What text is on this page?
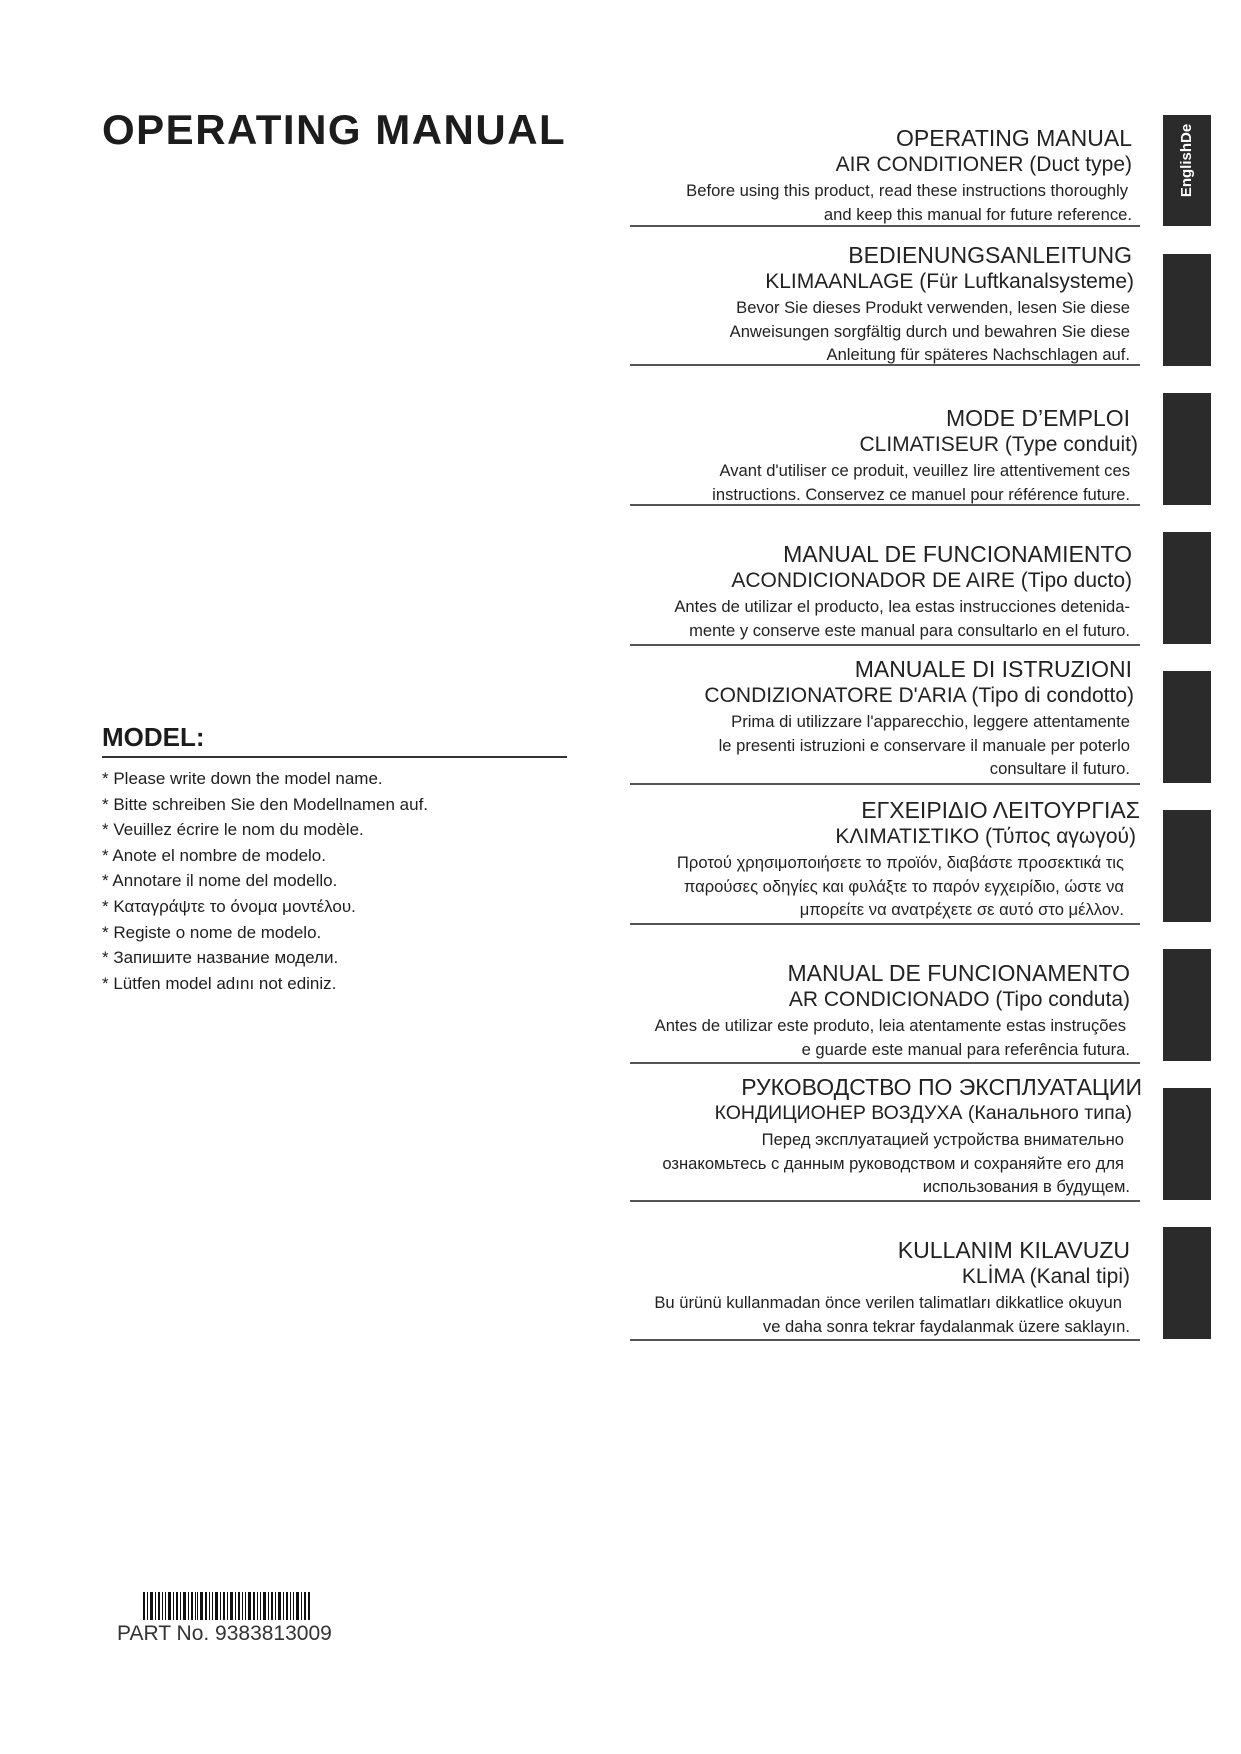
OPERATING MANUAL
MODEL:
* Please write down the model name.
* Bitte schreiben Sie den Modellnamen auf.
* Veuillez écrire le nom du modèle.
* Anote el nombre de modelo.
* Annotare il nome del modello.
* Καταγράψτε το όνομα μοντέλου.
* Registe o nome de modelo.
* Запишите название модели.
* Lütfen model adını not ediniz.
OPERATING MANUAL
AIR CONDITIONER (Duct type)
Before using this product, read these instructions thoroughly
and keep this manual for future reference.
BEDIENUNGSANLEITUNG
KLIMAANLAGE (Für Luftkanalsysteme)
Bevor Sie dieses Produkt verwenden, lesen Sie diese
Anweisungen sorgfältig durch und bewahren Sie diese
Anleitung für späteres Nachschlagen auf.
MODE D’EMPLOI
CLIMATISEUR (Type conduit)
Avant d'utiliser ce produit, veuillez lire attentivement ces
instructions. Conservez ce manuel pour référence future.
MANUAL DE FUNCIONAMIENTO
ACONDICIONADOR DE AIRE (Tipo ducto)
Antes de utilizar el producto, lea estas instrucciones detenida-
mente y conserve este manual para consultarlo en el futuro.
MANUALE DI ISTRUZIONI
CONDIZIONATORE D'ARIA (Tipo di condotto)
Prima di utilizzare l'apparecchio, leggere attentamente
le presenti istruzioni e conservare il manuale per poterlo
consultare il futuro.
ΕΓΧΕΙΡΙΔΙΟ ΛΕΙΤΟΥΡΓΙΑΣ
ΚΛΙΜΑΤΙΣΤΙΚΟ (Τύπος αγωγού)
Προτού χρησιμοποιήσετε το προϊόν, διαβάστε προσεκτικά τις
παρούσες οδηγίες και φυλάξτε το παρόν εγχειρίδιο, ώστε να
μπορείτε να ανατρέχετε σε αυτό στο μέλλον.
MANUAL DE FUNCIONAMENTO
AR CONDICIONADO (Tipo conduta)
Antes de utilizar este produto, leia atentamente estas instruções
e guarde este manual para referência futura.
РУКОВОДСТВО ПО ЭКСПЛУАТАЦИИ
КОНДИЦИОНЕР ВОЗДУХА (Канального типа)
Перед эксплуатацией устройства внимательно
ознакомьтесь с данным руководством и сохраняйте его для
использования в будущем.
KULLANIM KILAVUZU
KLİMA (Kanal tipi)
Bu ürünü kullanmadan önce verilen talimatları dikkatlice okuyun
ve daha sonra tekrar faydalanmak üzere saklayın.
EnglishDe
PART No. 9383813009
